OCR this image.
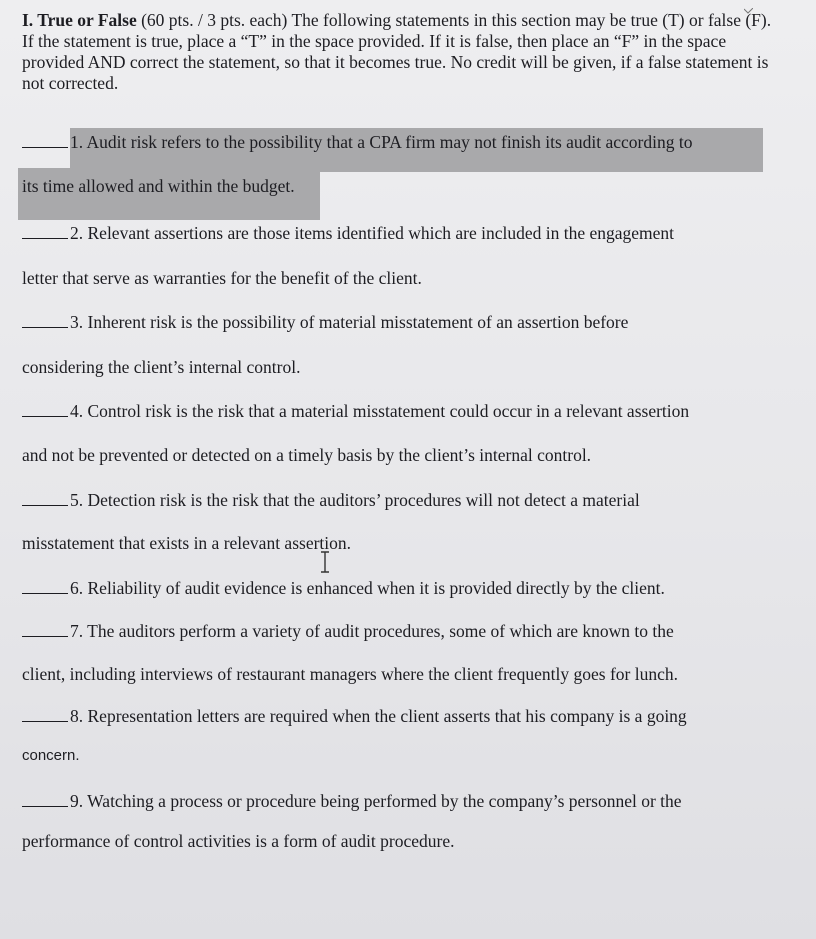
I. True or False (60 pts. / 3 pts. each) The following statements in this section may be true (T) or false (F). If the statement is true, place a “T” in the space provided. If it is false, then place an “F” in the space provided AND correct the statement, so that it becomes true. No credit will be given, if a false statement is not corrected.
1. Audit risk refers to the possibility that a CPA firm may not finish its audit according to
its time allowed and within the budget.
2. Relevant assertions are those items identified which are included in the engagement
letter that serve as warranties for the benefit of the client.
3. Inherent risk is the possibility of material misstatement of an assertion before
considering the client’s internal control.
4. Control risk is the risk that a material misstatement could occur in a relevant assertion
and not be prevented or detected on a timely basis by the client’s internal control.
5. Detection risk is the risk that the auditors’ procedures will not detect a material
misstatement that exists in a relevant assertion.
6. Reliability of audit evidence is enhanced when it is provided directly by the client.
7. The auditors perform a variety of audit procedures, some of which are known to the
client, including interviews of restaurant managers where the client frequently goes for lunch.
8. Representation letters are required when the client asserts that his company is a going
concern.
9. Watching a process or procedure being performed by the company’s personnel or the
performance of control activities is a form of audit procedure.
